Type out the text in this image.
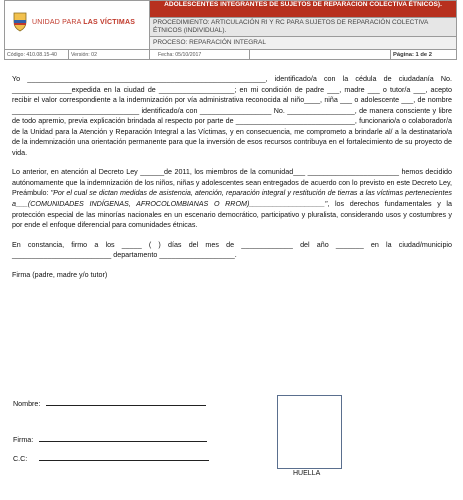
UNIDAD PARA LAS VÍCTIMAS
ADOLESCENTES INTEGRANTES DE SUJETOS DE REPARACION COLECTIVA ÉTNICOS).
PROCEDIMIENTO: ARTICULACIÓN RI Y RC PARA SUJETOS DE REPARACIÓN COLECTIVA ÉTNICOS (INDIVIDUAL).
PROCESO: REPARACIÓN INTEGRAL
Código: 410.08.15-40	Versión: 02	Fecha: 05/10/2017	Página: 1 de 2

Yo ____________________________________________________________, identificado/a con la cédula de ciudadanía No. _______________expedida en la ciudad de ___________________; en mi condición de padre ___, madre ___ o tutor/a ___, acepto recibir el valor correspondiente a la indemnización por vía administrativa reconocida al niño____, niña ___ o adolescente ___, de nombre ________________________________ identificado/a con __________________ No. _________________, de manera consciente y libre de todo apremio, previa explicación brindada al respecto por parte de ______________________________, funcionario/a o colaborador/a de la Unidad para la Atención y Reparación Integral a las Víctimas, y en consecuencia, me comprometo a brindarle al/ a la destinatario/a de la indemnización una orientación permanente para que la inversión de esos recursos contribuya en el fortalecimiento de su proyecto de vida.

Lo anterior, en atención al Decreto Ley ______de 2011, los miembros de la comunidad___ _______________________ hemos decidido autónomamente que la indemnización de los niños, niñas y adolescentes sean entregados de acuerdo con lo previsto en este Decreto Ley, Preámbulo: "Por el cual se dictan medidas de asistencia, atención, reparación integral y restitución de tierras a las víctimas pertenecientes a___(COMUNIDADES INDÍGENAS, AFROCOLOMBIANAS O RROM)___________________", los derechos fundamentales y la protección especial de las minorías nacionales en un escenario democrático, participativo y pluralista, considerando usos y costumbres y por ende el enfoque diferencial para comunidades étnicas.

En constancia, firmo a los _____ ( ) días del mes de _____________ del año _______ en la ciudad/municipio _________________________ departamento ___________________.

Firma (padre, madre y/o tutor)

Nombre:
Firma:
C.C:
HUELLA
